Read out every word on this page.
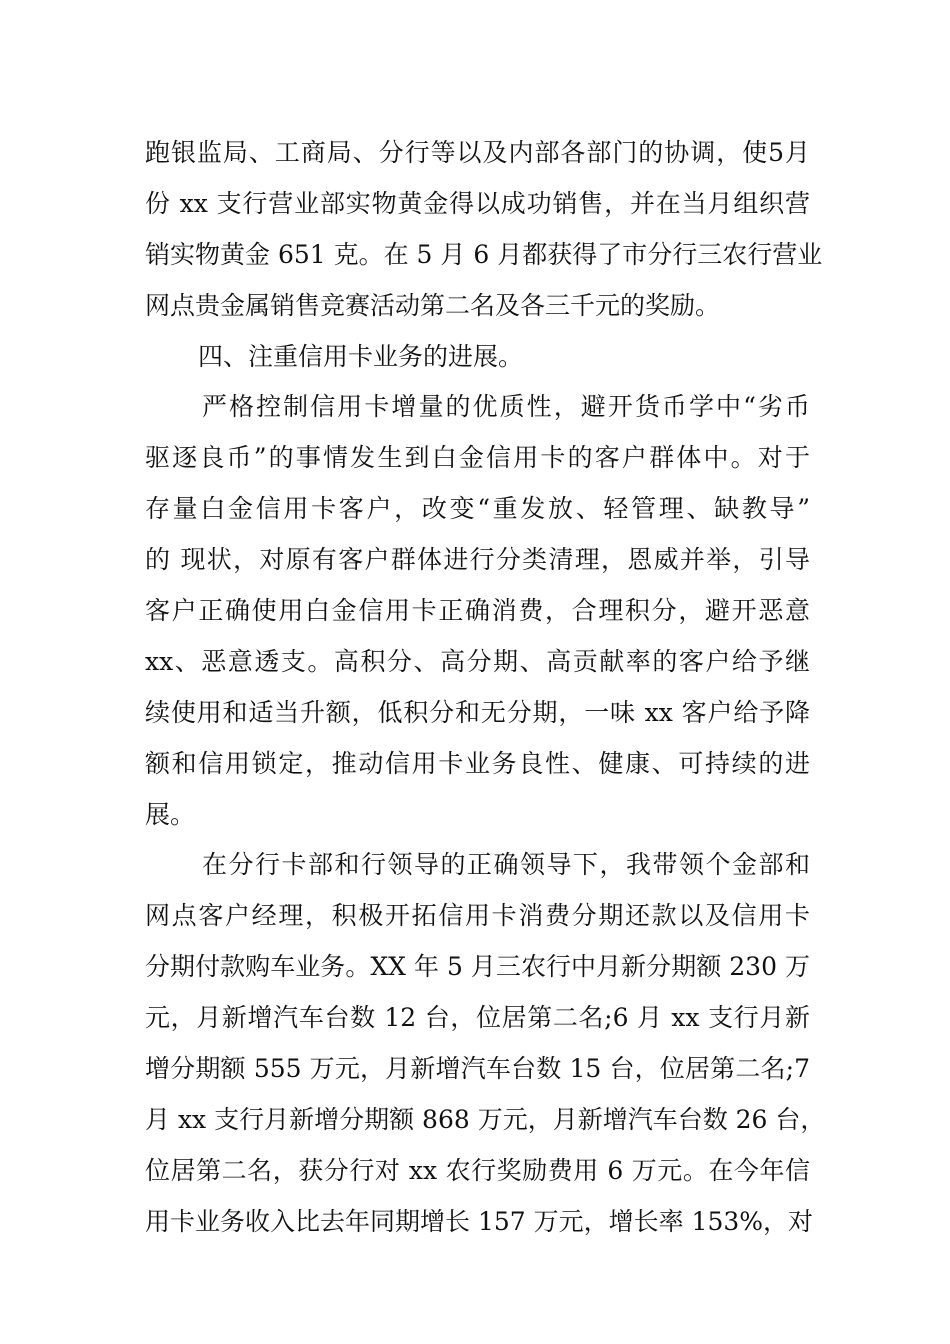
跑银监局、工商局、分行等以及内部各部门的协调，使5月
份 xx 支行营业部实物黄金得以成功销售，并在当月组织营
销实物黄金 651 克。在 5 月 6 月都获得了市分行三农行营业
网点贵金属销售竞赛活动第二名及各三千元的奖励。
四、注重信用卡业务的进展。
严格控制信用卡增量的优质性，避开货币学中“劣币
驱逐良币”的事情发生到白金信用卡的客户群体中。对于
存量白金信用卡客户，改变“重发放、轻管理、缺教导”
的 现状，对原有客户群体进行分类清理，恩威并举，引导
客户正确使用白金信用卡正确消费，合理积分，避开恶意
xx、恶意透支。高积分、高分期、高贡献率的客户给予继
续使用和适当升额，低积分和无分期，一味 xx 客户给予降
额和信用锁定，推动信用卡业务良性、健康、可持续的进
展。
在分行卡部和行领导的正确领导下，我带领个金部和
网点客户经理，积极开拓信用卡消费分期还款以及信用卡
分期付款购车业务。XX 年 5 月三农行中月新分期额 230 万
元，月新增汽车台数 12 台，位居第二名;6 月 xx 支行月新
增分期额 555 万元，月新增汽车台数 15 台，位居第二名;7
月 xx 支行月新增分期额 868 万元，月新增汽车台数 26 台，
位居第二名，获分行对 xx 农行奖励费用 6 万元。在今年信
用卡业务收入比去年同期增长 157 万元，增长率 153%，对
